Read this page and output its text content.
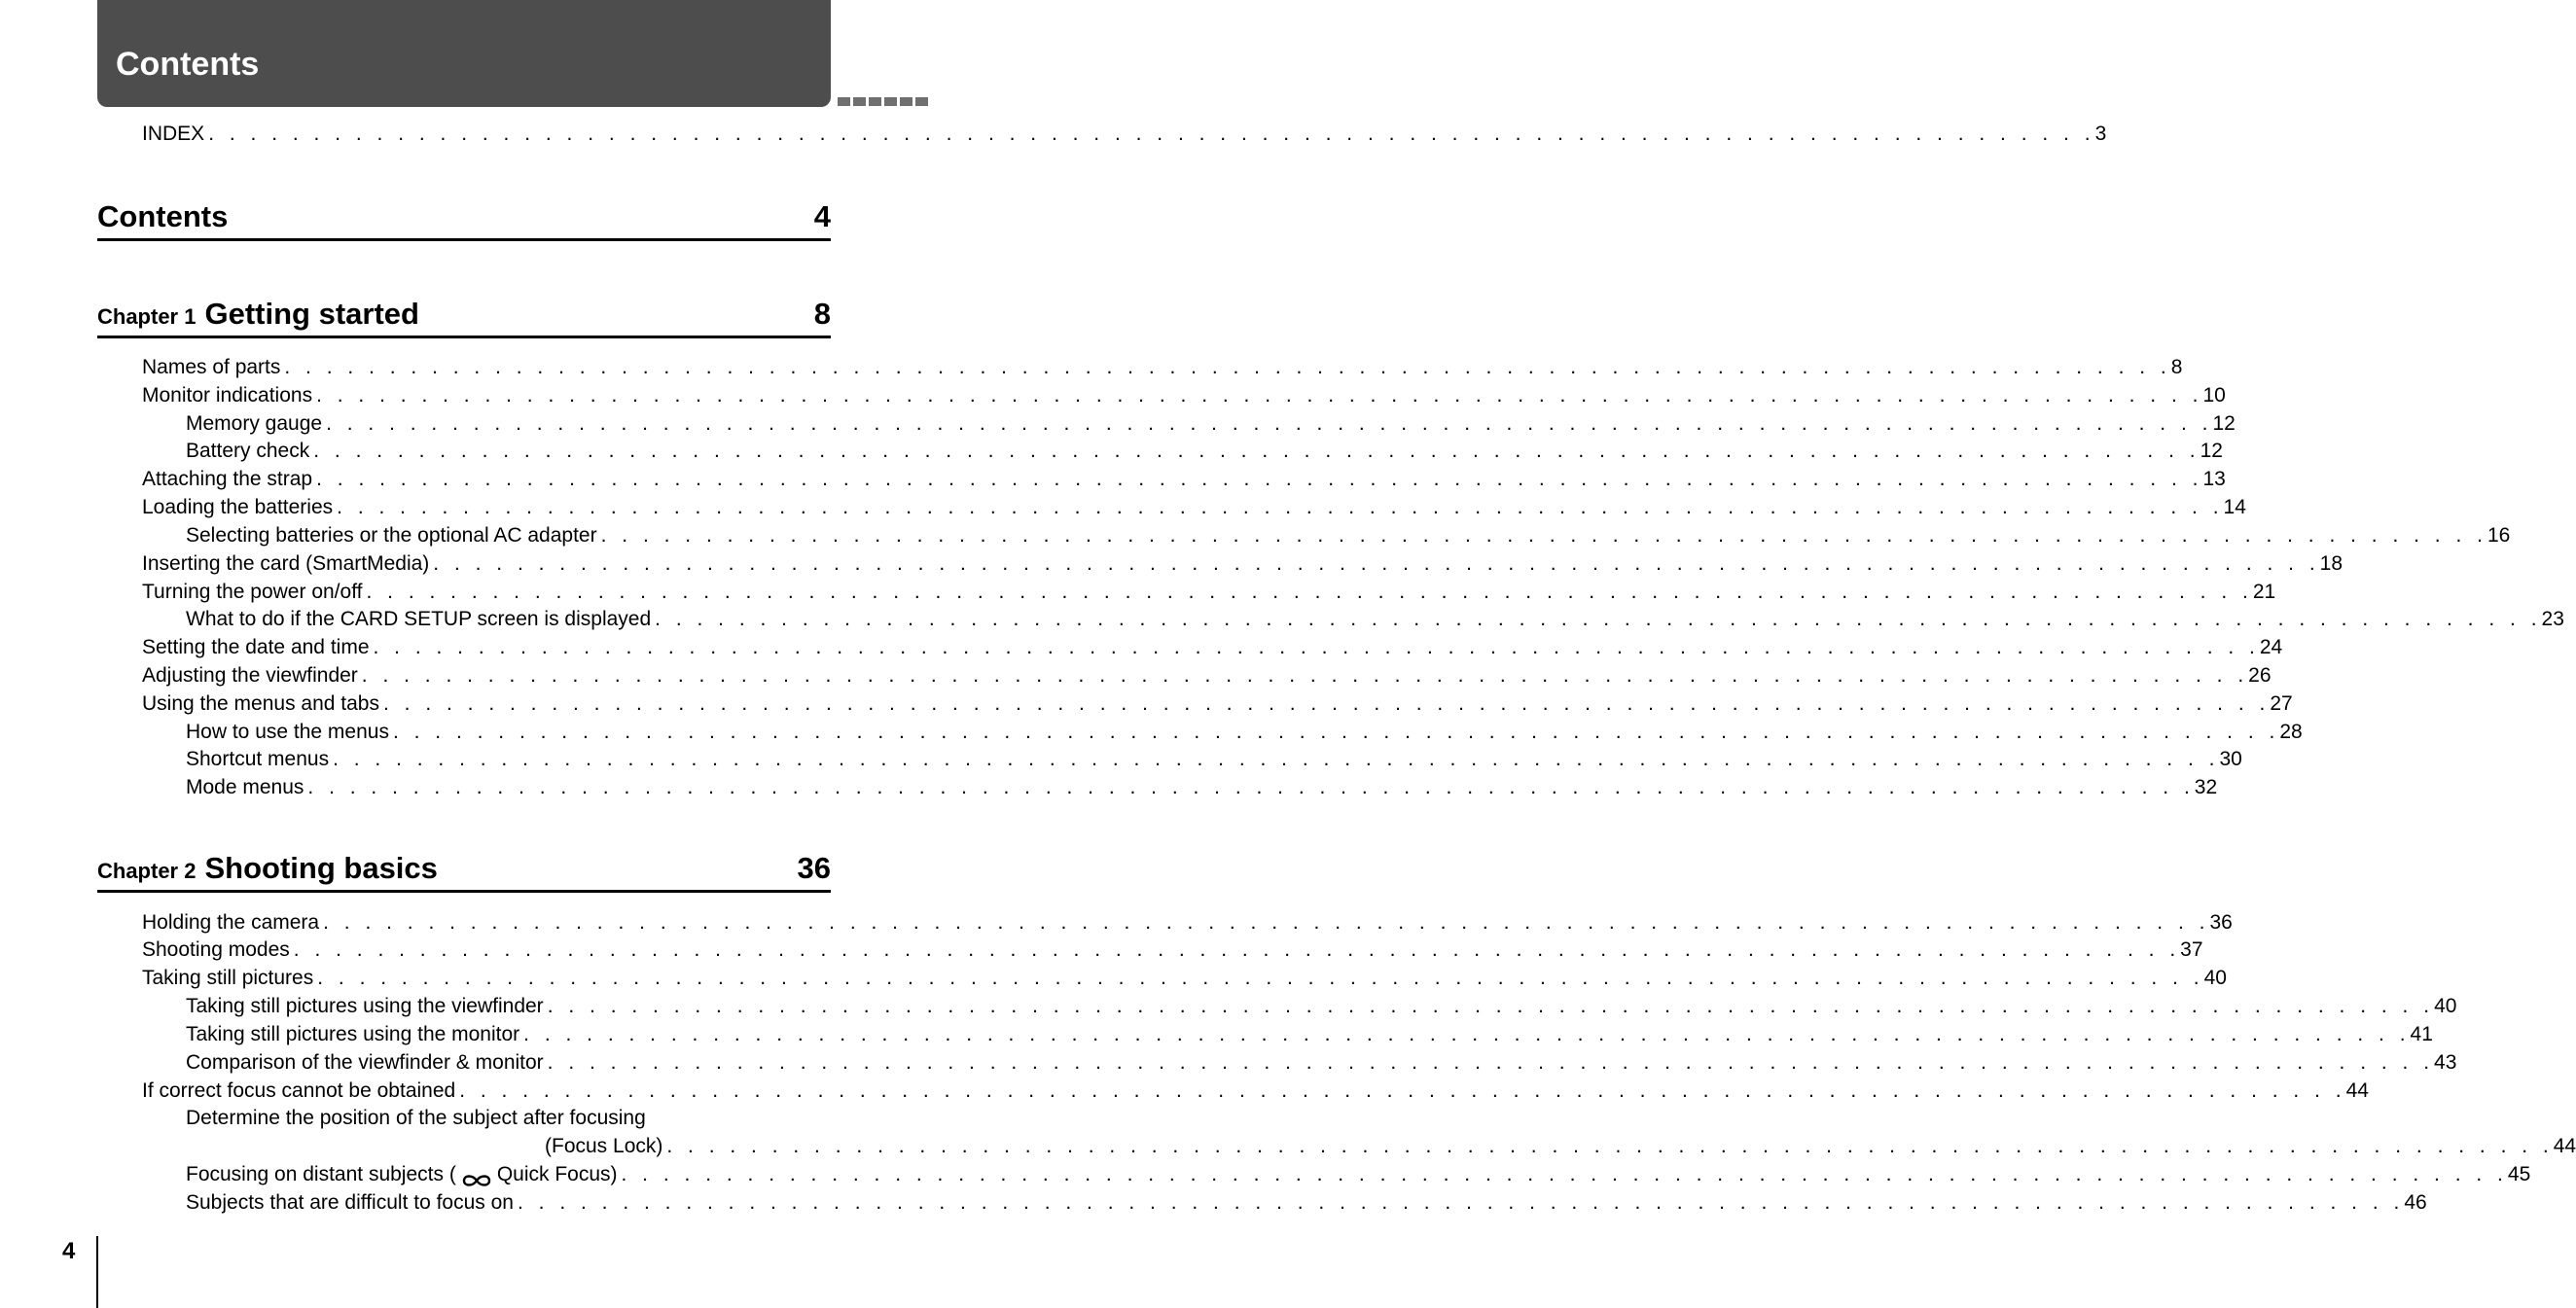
Contents
INDEX . . . . . . . . . . . . . . . . . . . . . . . . . . . . . . . . . . . . . . . . . . . . . . . . . . . . . . . . . . . . . . . . . . . . . . . . . . . . . . . . . . . . . . . . . . 3
Contents	4
Chapter 1 Getting started	8
Names of parts . . . . . . . . . . . . . . . . . . . . . . . . . . . . . . . . . . . . . . . . . . . . . . . . . . . . . . . . . . . . . . . . . . . . . . . . . . . . . . . . . . . . . . . . . . 8
Monitor indications . . . . . . . . . . . . . . . . . . . . . . . . . . . . . . . . . . . . . . . . . . . . . . . . . . . . . . . . . . . . . . . . . . . . . . . . . . . . . . . . . . . . . . . . . . 10
Memory gauge . . . . . . . . . . . . . . . . . . . . . . . . . . . . . . . . . . . . . . . . . . . . . . . . . . . . . . . . . . . . . . . . . . . . . . . . . . . . . . . . . . . . . . . . . . 12
Battery check . . . . . . . . . . . . . . . . . . . . . . . . . . . . . . . . . . . . . . . . . . . . . . . . . . . . . . . . . . . . . . . . . . . . . . . . . . . . . . . . . . . . . . . . . . 12
Attaching the strap . . . . . . . . . . . . . . . . . . . . . . . . . . . . . . . . . . . . . . . . . . . . . . . . . . . . . . . . . . . . . . . . . . . . . . . . . . . . . . . . . . . . . . . . . . 13
Loading the batteries . . . . . . . . . . . . . . . . . . . . . . . . . . . . . . . . . . . . . . . . . . . . . . . . . . . . . . . . . . . . . . . . . . . . . . . . . . . . . . . . . . . . . . . . . . 14
Selecting batteries or the optional AC adapter . . . . . . . . . . . . . . . . . . . . . . . . . . . . . . . . . . . . . . . . . . . . . . . . . . . . . . . . . . . . . . . . . . . . . . . . . . . . . . . . . . . . . . . . . . 16
Inserting the card (SmartMedia) . . . . . . . . . . . . . . . . . . . . . . . . . . . . . . . . . . . . . . . . . . . . . . . . . . . . . . . . . . . . . . . . . . . . . . . . . . . . . . . . . . . . . . . . . . 18
Turning the power on/off . . . . . . . . . . . . . . . . . . . . . . . . . . . . . . . . . . . . . . . . . . . . . . . . . . . . . . . . . . . . . . . . . . . . . . . . . . . . . . . . . . . . . . . . . . 21
What to do if the CARD SETUP screen is displayed . . . . . . . . . . . . . . . . . . . . . . . . . . . . . . . . . . . . . . . . . . . . . . . . . . . . . . . . . . . . . . . . . . . . . . . . . . . . . . . . . . . . . . . . . . 23
Setting the date and time . . . . . . . . . . . . . . . . . . . . . . . . . . . . . . . . . . . . . . . . . . . . . . . . . . . . . . . . . . . . . . . . . . . . . . . . . . . . . . . . . . . . . . . . . . 24
Adjusting the viewfinder . . . . . . . . . . . . . . . . . . . . . . . . . . . . . . . . . . . . . . . . . . . . . . . . . . . . . . . . . . . . . . . . . . . . . . . . . . . . . . . . . . . . . . . . . . 26
Using the menus and tabs . . . . . . . . . . . . . . . . . . . . . . . . . . . . . . . . . . . . . . . . . . . . . . . . . . . . . . . . . . . . . . . . . . . . . . . . . . . . . . . . . . . . . . . . . . 27
How to use the menus . . . . . . . . . . . . . . . . . . . . . . . . . . . . . . . . . . . . . . . . . . . . . . . . . . . . . . . . . . . . . . . . . . . . . . . . . . . . . . . . . . . . . . . . . . 28
Shortcut menus . . . . . . . . . . . . . . . . . . . . . . . . . . . . . . . . . . . . . . . . . . . . . . . . . . . . . . . . . . . . . . . . . . . . . . . . . . . . . . . . . . . . . . . . . . 30
Mode menus . . . . . . . . . . . . . . . . . . . . . . . . . . . . . . . . . . . . . . . . . . . . . . . . . . . . . . . . . . . . . . . . . . . . . . . . . . . . . . . . . . . . . . . . . . 32
Chapter 2 Shooting basics	36
Holding the camera . . . . . . . . . . . . . . . . . . . . . . . . . . . . . . . . . . . . . . . . . . . . . . . . . . . . . . . . . . . . . . . . . . . . . . . . . . . . . . . . . . . . . . . . . . 36
Shooting modes . . . . . . . . . . . . . . . . . . . . . . . . . . . . . . . . . . . . . . . . . . . . . . . . . . . . . . . . . . . . . . . . . . . . . . . . . . . . . . . . . . . . . . . . . . 37
Taking still pictures . . . . . . . . . . . . . . . . . . . . . . . . . . . . . . . . . . . . . . . . . . . . . . . . . . . . . . . . . . . . . . . . . . . . . . . . . . . . . . . . . . . . . . . . . . 40
Taking still pictures using the viewfinder . . . . . . . . . . . . . . . . . . . . . . . . . . . . . . . . . . . . . . . . . . . . . . . . . . . . . . . . . . . . . . . . . . . . . . . . . . . . . . . . . . . . . . . . . . 40
Taking still pictures using the monitor . . . . . . . . . . . . . . . . . . . . . . . . . . . . . . . . . . . . . . . . . . . . . . . . . . . . . . . . . . . . . . . . . . . . . . . . . . . . . . . . . . . . . . . . . . 41
Comparison of the viewfinder & monitor . . . . . . . . . . . . . . . . . . . . . . . . . . . . . . . . . . . . . . . . . . . . . . . . . . . . . . . . . . . . . . . . . . . . . . . . . . . . . . . . . . . . . . . . . . 43
If correct focus cannot be obtained . . . . . . . . . . . . . . . . . . . . . . . . . . . . . . . . . . . . . . . . . . . . . . . . . . . . . . . . . . . . . . . . . . . . . . . . . . . . . . . . . . . . . . . . . . 44
Determine the position of the subject after focusing
(Focus Lock) . . . . . . . . . . . . . . . . . . . . . . . . . . . . . . . . . . . . . . . . . . . . . . . . . . . . . . . . . . . . . . . . . . . . . . . . . . . . . . . . . . . . . . . . . . 44
Focusing on distant subjects ( Quick Focus) . . . . . . . . . . . . . . . . . . . . . . . . . . . . . . . . . . . . . . . . . . . . . . . . . . . . . . . . . . . . . . . . . . . . . . . . . . . . . . . . . . . . . . . . . . 45
Subjects that are difficult to focus on . . . . . . . . . . . . . . . . . . . . . . . . . . . . . . . . . . . . . . . . . . . . . . . . . . . . . . . . . . . . . . . . . . . . . . . . . . . . . . . . . . . . . . . . . . 46
4
